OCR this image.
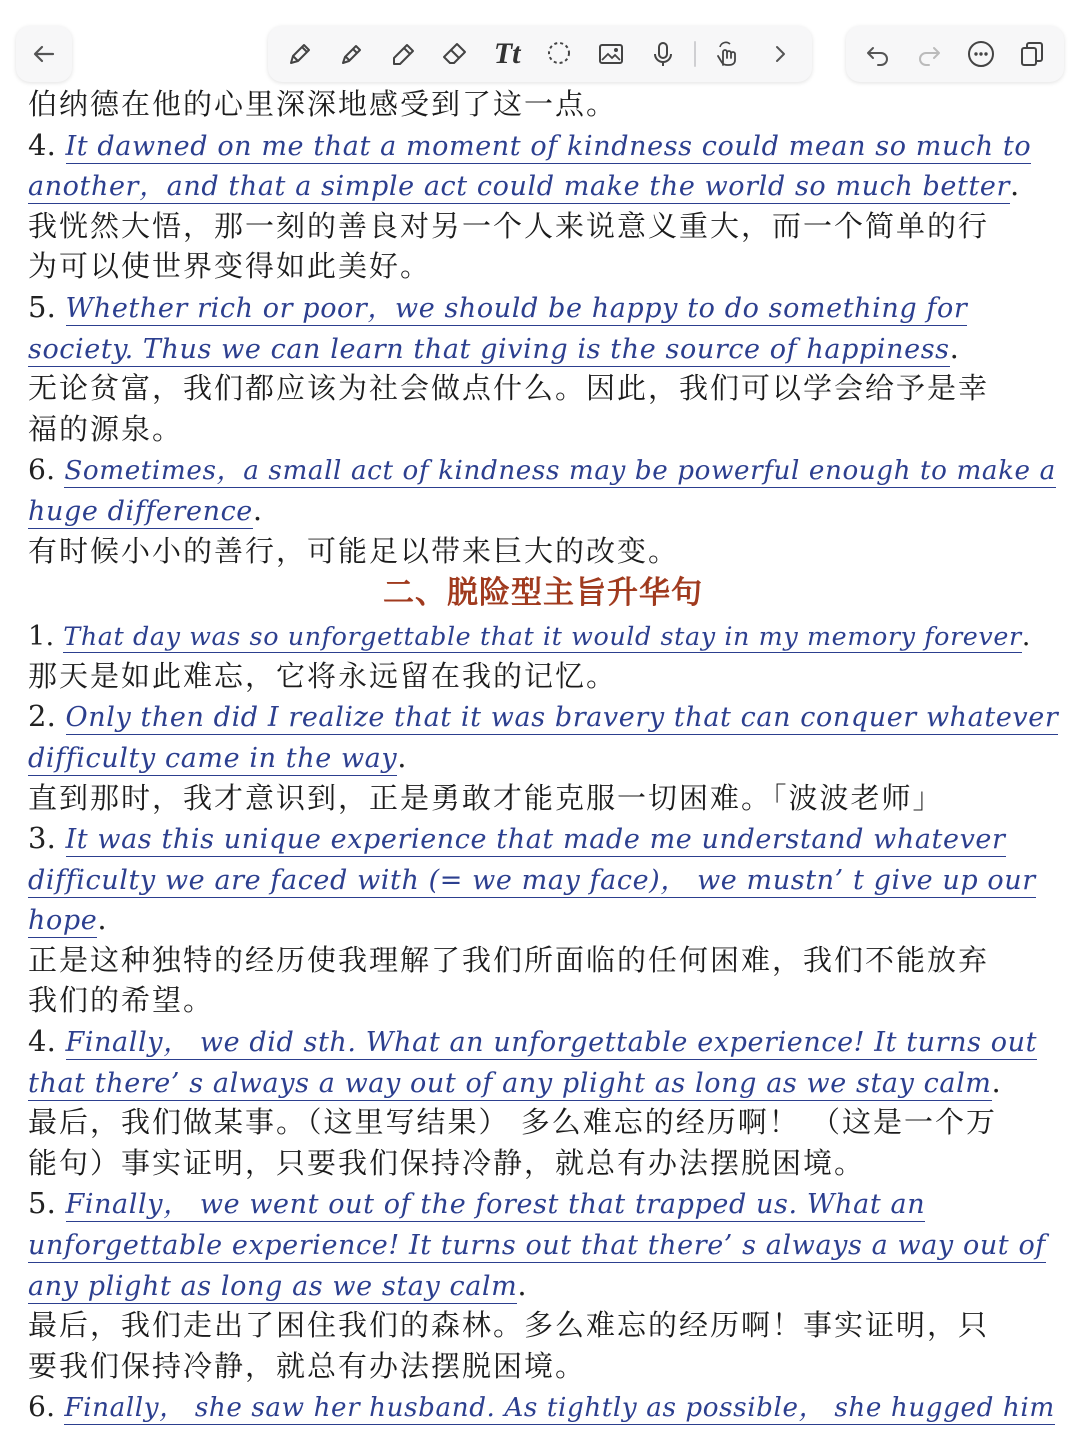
Tt
伯纳德在他的心里深深地感受到了这一点。
4. It dawned on me that a moment of kindness could mean so much to
another，and that a simple act could make the world so much better.
我恍然大悟，那一刻的善良对另一个人来说意义重大，而一个简单的行
为可以使世界变得如此美好。
5. Whether rich or poor，we should be happy to do something for
society. Thus we can learn that giving is the source of happiness.
无论贫富，我们都应该为社会做点什么。因此，我们可以学会给予是幸
福的源泉。
6. Sometimes，a small act of kindness may be powerful enough to make a
huge difference.
有时候小小的善行，可能足以带来巨大的改变。
二、脱险型主旨升华句
1. That day was so unforgettable that it would stay in my memory forever.
那天是如此难忘，它将永远留在我的记忆。
2. Only then did I realize that it was bravery that can conquer whatever
difficulty came in the way.
直到那时，我才意识到，正是勇敢才能克服一切困难。「波波老师」
3. It was this unique experience that made me understand whatever
difficulty we are faced with (= we may face)， we mustn’ t give up our
hope.
正是这种独特的经历使我理解了我们所面临的任何困难，我们不能放弃
我们的希望。
4. Finally， we did sth. What an unforgettable experience! It turns out
that there’ s always a way out of any plight as long as we stay calm.
最后，我们做某事。（这里写结果） 多么难忘的经历啊！ （这是一个万
能句）事实证明，只要我们保持冷静，就总有办法摆脱困境。
5. Finally， we went out of the forest that trapped us. What an
unforgettable experience! It turns out that there’ s always a way out of
any plight as long as we stay calm.
最后，我们走出了困住我们的森林。多么难忘的经历啊！事实证明，只
要我们保持冷静，就总有办法摆脱困境。
6. Finally， she saw her husband. As tightly as possible， she hugged him
